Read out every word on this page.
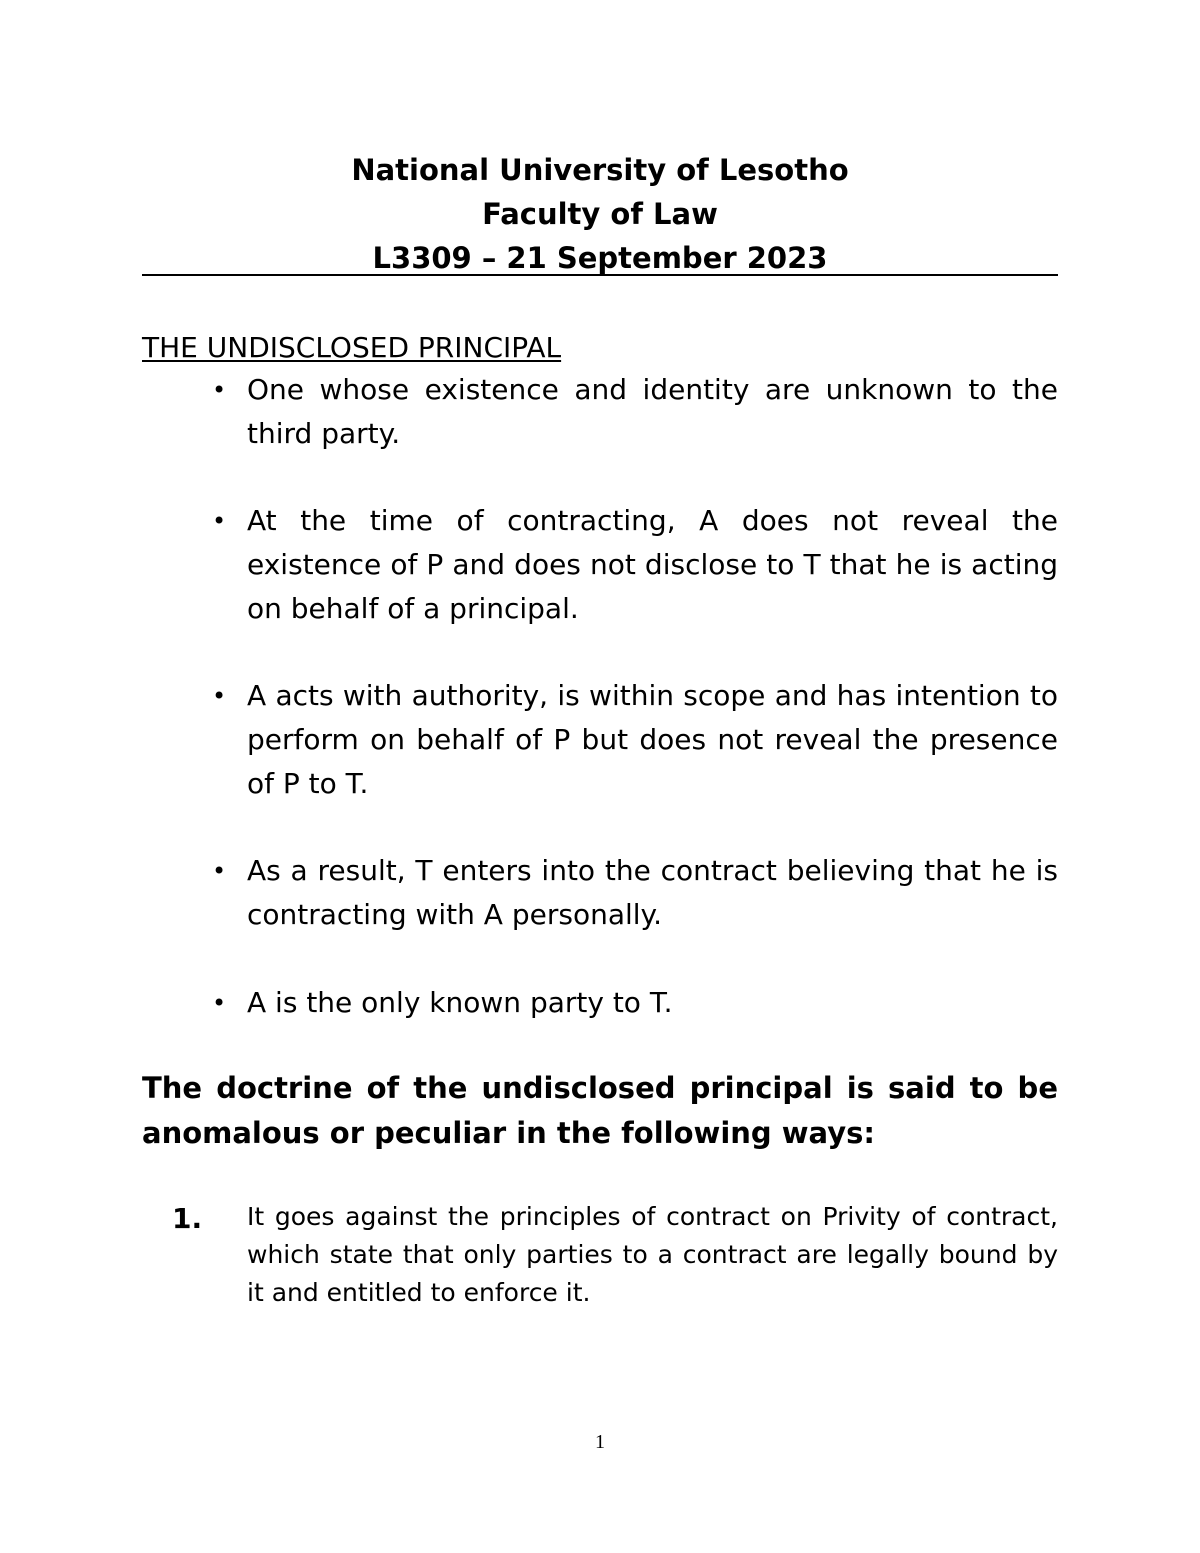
National University of Lesotho
Faculty of Law
L3309 – 21 September 2023
THE UNDISCLOSED PRINCIPAL
• One whose existence and identity are unknown to the third party.
• At the time of contracting, A does not reveal the existence of P and does not disclose to T that he is acting on behalf of a principal.
• A acts with authority, is within scope and has intention to perform on behalf of P but does not reveal the presence of P to T.
• As a result, T enters into the contract believing that he is contracting with A personally.
• A is the only known party to T.
The doctrine of the undisclosed principal is said to be anomalous or peculiar in the following ways:
1. It goes against the principles of contract on Privity of contract, which state that only parties to a contract are legally bound by it and entitled to enforce it.
1
